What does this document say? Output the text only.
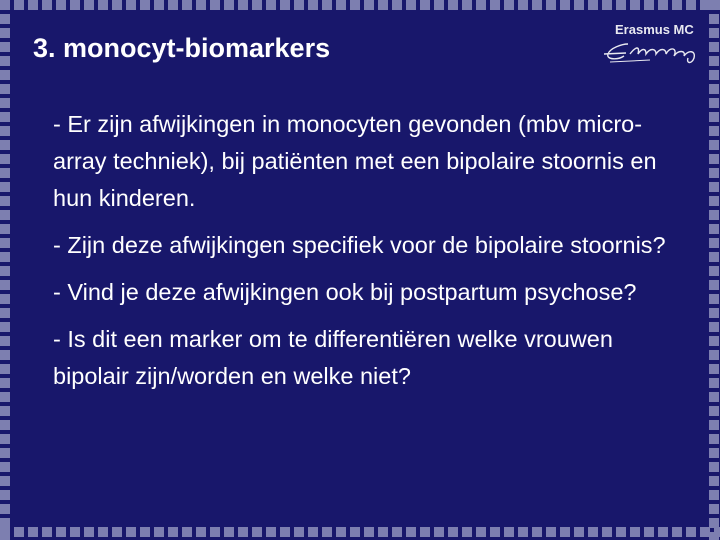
3. monocyt-biomarkers
Erasmus MC

- Er zijn afwijkingen in monocyten gevonden (mbv micro-array techniek), bij patiënten met een bipolaire stoornis en hun kinderen.

- Zijn deze afwijkingen specifiek voor de bipolaire stoornis?

- Vind je deze afwijkingen ook bij postpartum psychose?

- Is dit een marker om te differentiëren welke vrouwen bipolair zijn/worden en welke niet?
